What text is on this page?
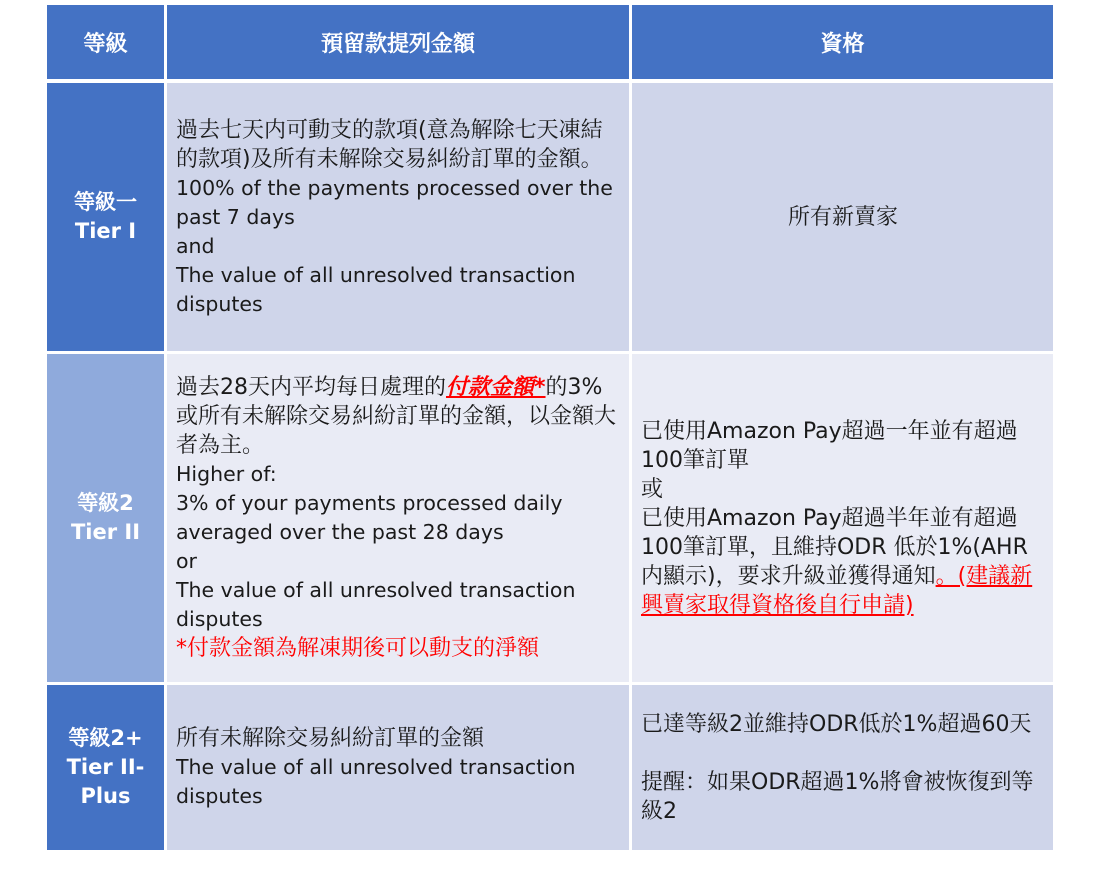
等級	預留款提列金額	資格
等級一
Tier I
過去七天内可動支的款項(意為解除七天凍結的款項)及所有未解除交易糾紛訂單的金額。
100% of the payments processed over the past 7 days
and
The value of all unresolved transaction disputes
所有新賣家
等級2
Tier II
過去28天内平均每日處理的付款金額*的3%或所有未解除交易糾紛訂單的金額，以金額大者為主。
Higher of:
3% of your payments processed daily averaged over the past 28 days
or
The value of all unresolved transaction disputes
*付款金額為解凍期後可以動支的淨額
已使用Amazon Pay超過一年並有超過100筆訂單
或
已使用Amazon Pay超過半年並有超過100筆訂單，且維持ODR 低於1%(AHR内顯示)，要求升級並獲得通知。(建議新興賣家取得資格後自行申請)
等級2+
Tier II-
Plus
所有未解除交易糾紛訂單的金額
The value of all unresolved transaction disputes
已達等級2並維持ODR低於1%超過60天
提醒：如果ODR超過1%將會被恢復到等級2
